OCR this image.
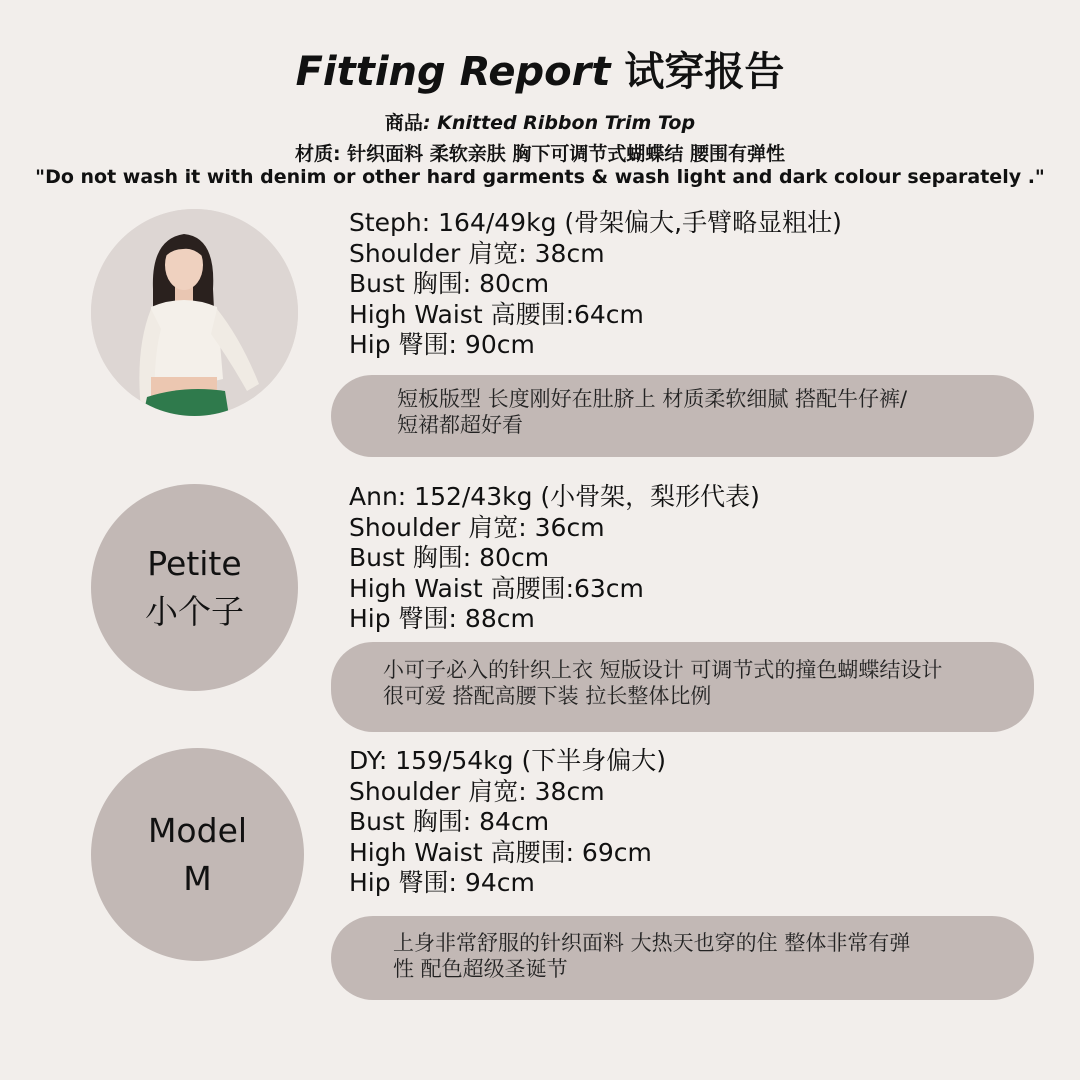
Fitting Report 试穿报告
商品: Knitted Ribbon Trim Top
材质: 针织面料 柔软亲肤 胸下可调节式蝴蝶结 腰围有弹性
"Do not wash it with denim or other hard garments & wash light and dark colour separately ."
Steph: 164/49kg (骨架偏大,手臂略显粗壮)
Shoulder 肩宽: 38cm
Bust 胸围: 80cm
High Waist 高腰围:64cm
Hip 臀围: 90cm
短板版型 长度刚好在肚脐上 材质柔软细腻 搭配牛仔裤/
短裙都超好看
Petite
小个子
Ann: 152/43kg (小骨架，梨形代表)
Shoulder 肩宽: 36cm
Bust 胸围: 80cm
High Waist 高腰围:63cm
Hip 臀围: 88cm
小可子必入的针织上衣 短版设计 可调节式的撞色蝴蝶结设计
很可爱 搭配高腰下装 拉长整体比例
Model
M
DY: 159/54kg (下半身偏大)
Shoulder 肩宽: 38cm
Bust 胸围: 84cm
High Waist 高腰围: 69cm
Hip 臀围: 94cm
上身非常舒服的针织面料 大热天也穿的住 整体非常有弹
性 配色超级圣诞节
